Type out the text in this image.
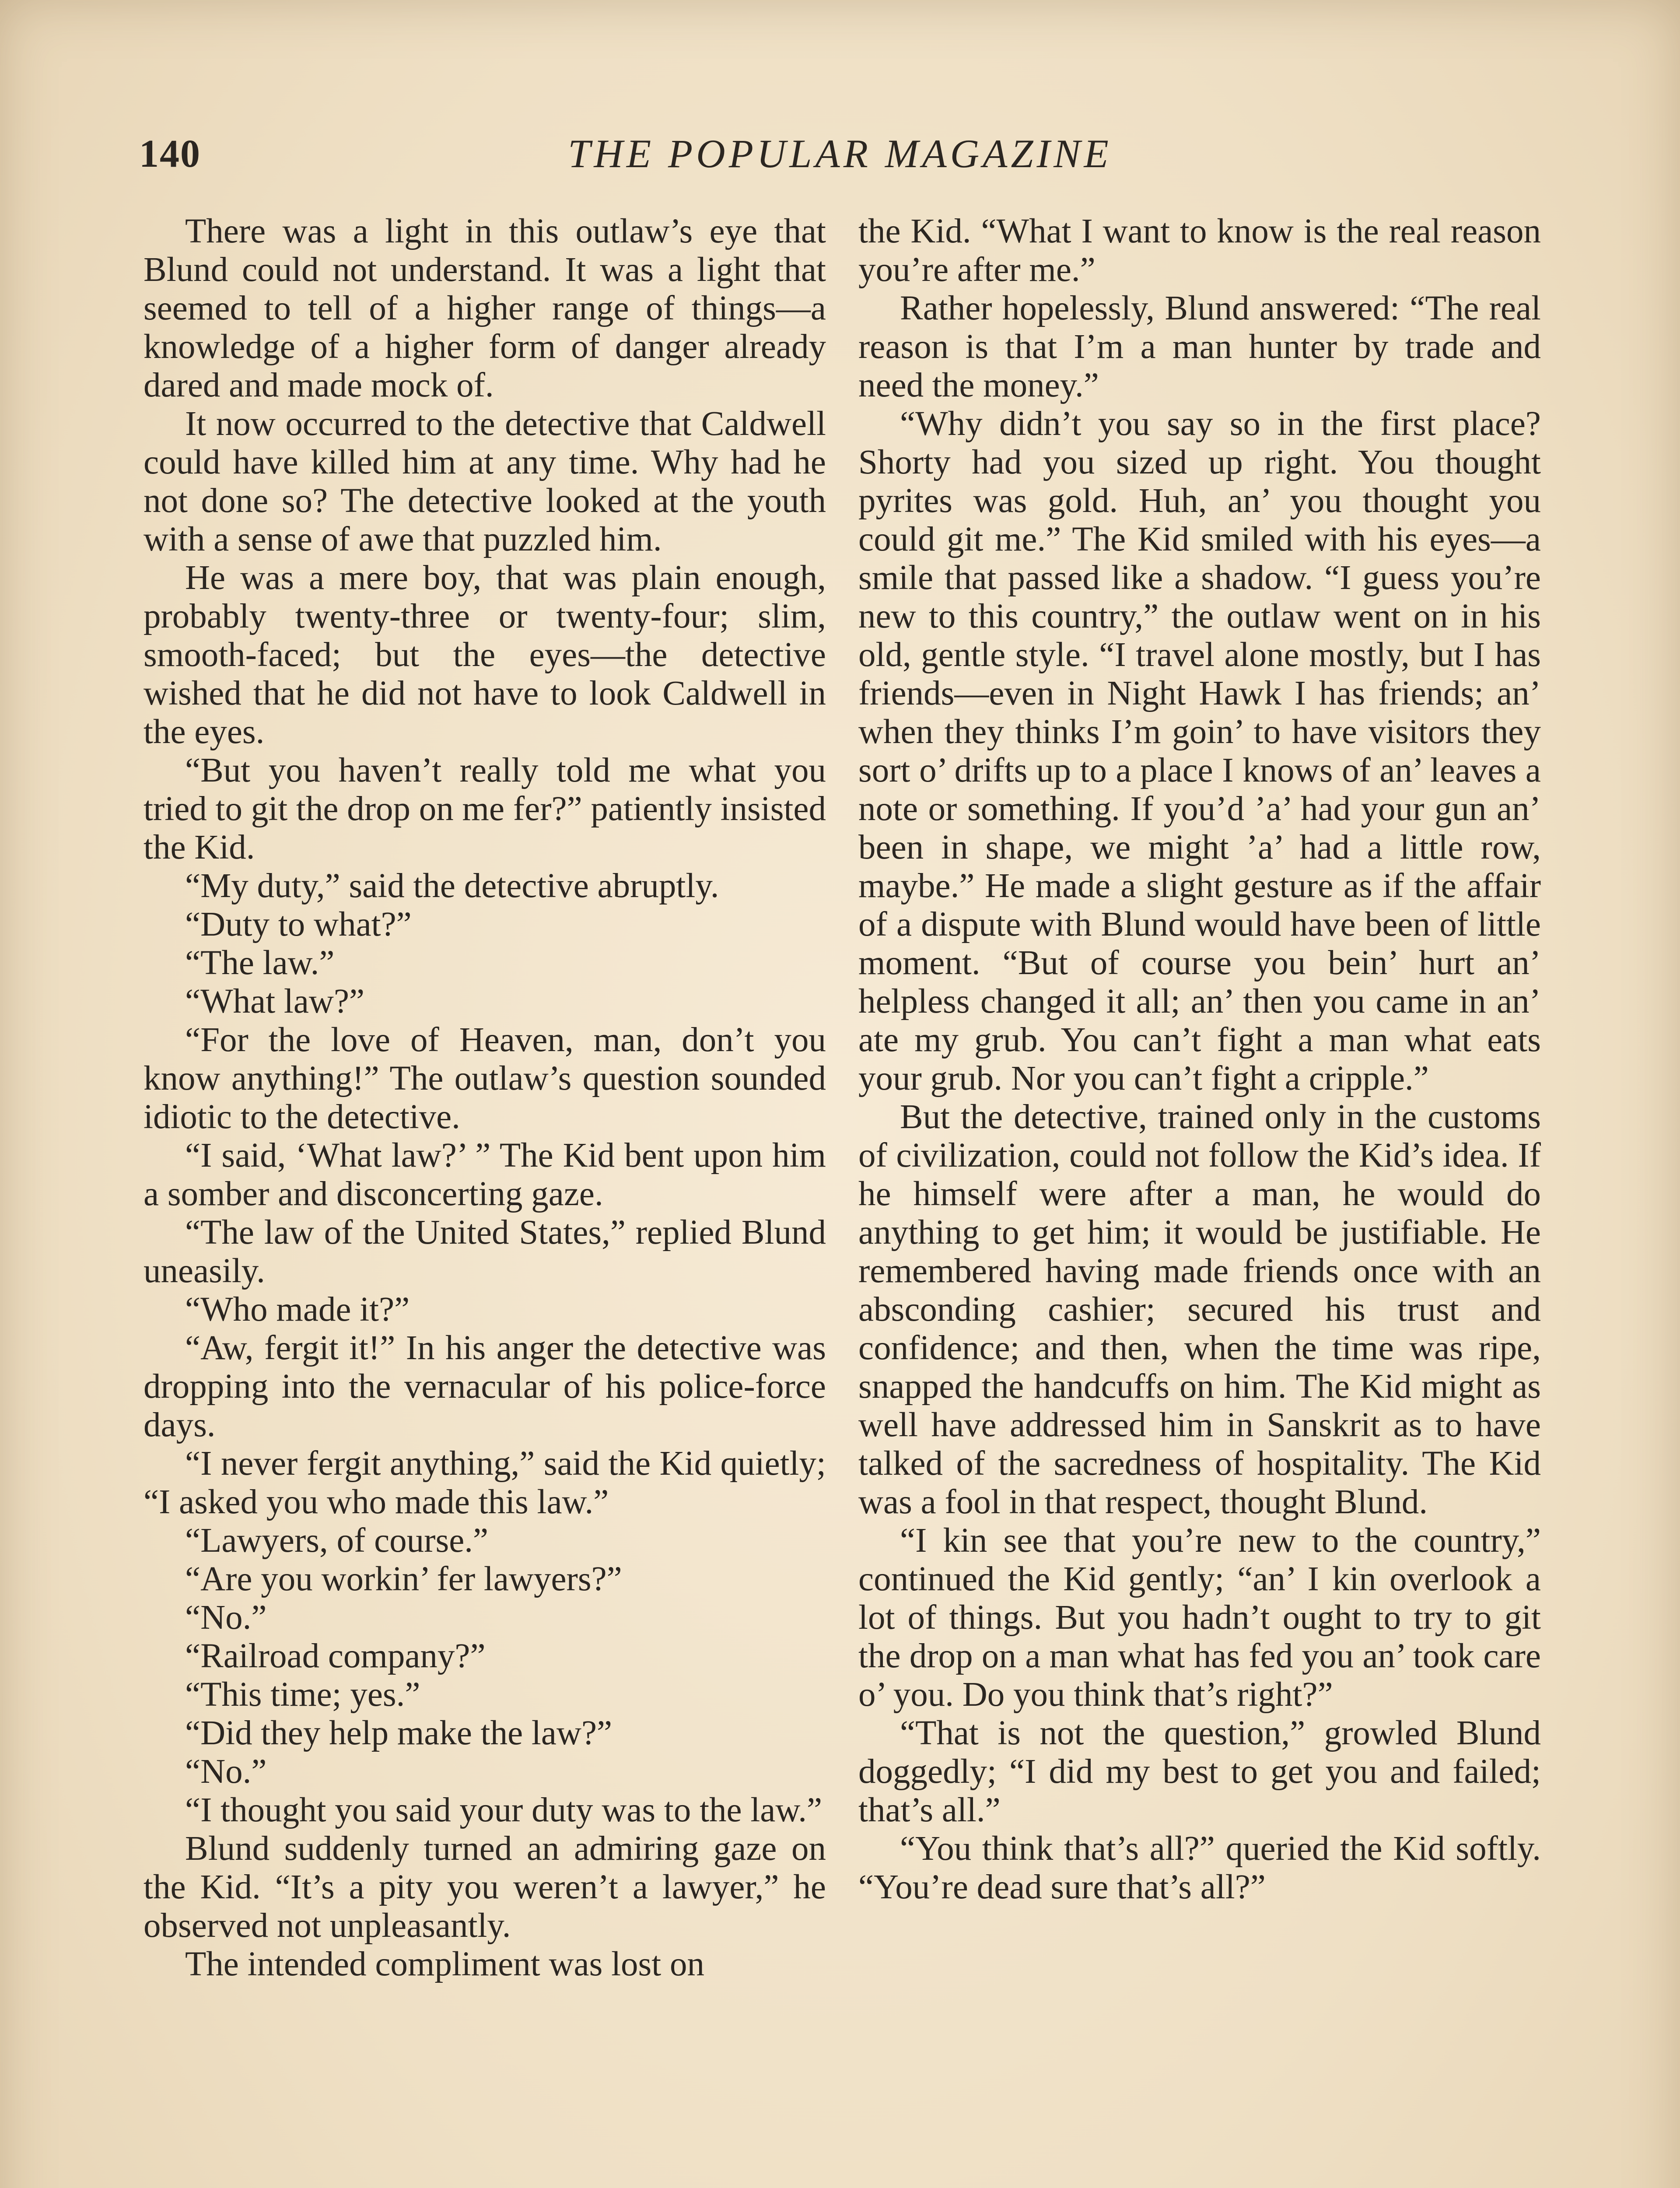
140	THE POPULAR MAGAZINE

There was a light in this outlaw’s eye that Blund could not understand. It was a light that seemed to tell of a higher range of things—a knowledge of a higher form of danger already dared and made mock of.

It now occurred to the detective that Caldwell could have killed him at any time. Why had he not done so? The detective looked at the youth with a sense of awe that puzzled him.

He was a mere boy, that was plain enough, probably twenty-three or twenty-four; slim, smooth-faced; but the eyes—the detective wished that he did not have to look Caldwell in the eyes.

“But you haven’t really told me what you tried to git the drop on me fer?” patiently insisted the Kid.

“My duty,” said the detective abruptly.

“Duty to what?”

“The law.”

“What law?”

“For the love of Heaven, man, don’t you know anything!” The outlaw’s question sounded idiotic to the detective.

“I said, ‘What law?’ ” The Kid bent upon him a somber and disconcerting gaze.

“The law of the United States,” replied Blund uneasily.

“Who made it?”

“Aw, fergit it!” In his anger the detective was dropping into the vernacular of his police-force days.

“I never fergit anything,” said the Kid quietly; “I asked you who made this law.”

“Lawyers, of course.”

“Are you workin’ fer lawyers?”

“No.”

“Railroad company?”

“This time; yes.”

“Did they help make the law?”

“No.”

“I thought you said your duty was to the law.”

Blund suddenly turned an admiring gaze on the Kid. “It’s a pity you weren’t a lawyer,” he observed not unpleasantly.

The intended compliment was lost on

the Kid. “What I want to know is the real reason you’re after me.”

Rather hopelessly, Blund answered: “The real reason is that I’m a man hunter by trade and need the money.”

“Why didn’t you say so in the first place? Shorty had you sized up right. You thought pyrites was gold. Huh, an’ you thought you could git me.” The Kid smiled with his eyes—a smile that passed like a shadow. “I guess you’re new to this country,” the outlaw went on in his old, gentle style. “I travel alone mostly, but I has friends—even in Night Hawk I has friends; an’ when they thinks I’m goin’ to have visitors they sort o’ drifts up to a place I knows of an’ leaves a note or something. If you’d ’a’ had your gun an’ been in shape, we might ’a’ had a little row, maybe.” He made a slight gesture as if the affair of a dispute with Blund would have been of little moment. “But of course you bein’ hurt an’ helpless changed it all; an’ then you came in an’ ate my grub. You can’t fight a man what eats your grub. Nor you can’t fight a cripple.”

But the detective, trained only in the customs of civilization, could not follow the Kid’s idea. If he himself were after a man, he would do anything to get him; it would be justifiable. He remembered having made friends once with an absconding cashier; secured his trust and confidence; and then, when the time was ripe, snapped the handcuffs on him. The Kid might as well have addressed him in Sanskrit as to have talked of the sacredness of hospitality. The Kid was a fool in that respect, thought Blund.

“I kin see that you’re new to the country,” continued the Kid gently; “an’ I kin overlook a lot of things. But you hadn’t ought to try to git the drop on a man what has fed you an’ took care o’ you. Do you think that’s right?”

“That is not the question,” growled Blund doggedly; “I did my best to get you and failed; that’s all.”

“You think that’s all?” queried the Kid softly. “You’re dead sure that’s all?”
